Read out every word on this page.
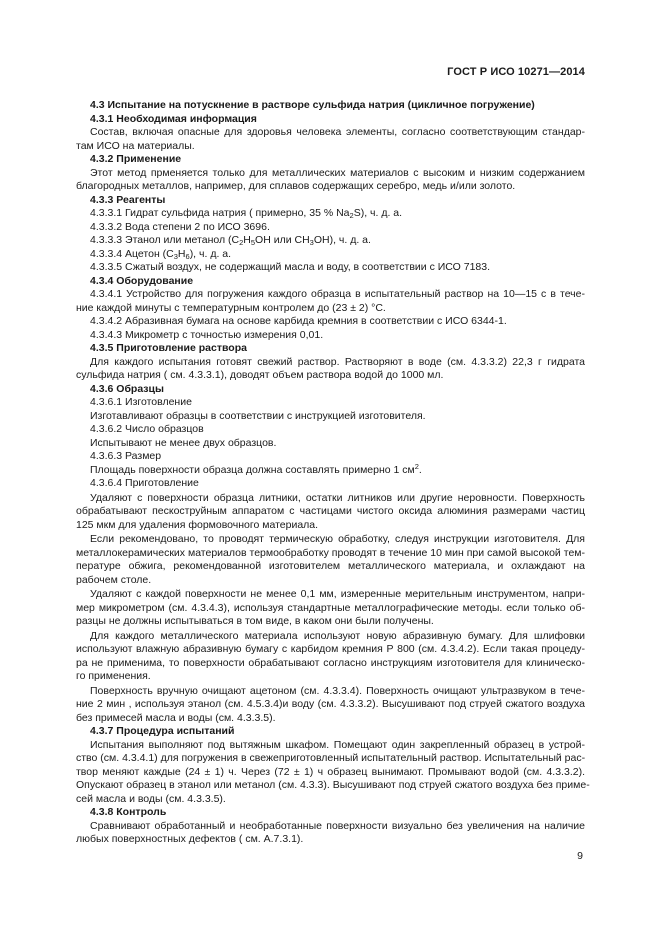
ГОСТ Р ИСО 10271—2014
4.3 Испытание на потускнение в растворе сульфида натрия (цикличное погружение)
4.3.1 Необходимая информация
Состав, включая опасные для здоровья человека элементы, согласно соответствующим стандар-
там ИСО на материалы.
4.3.2 Применение
Этот метод прменяется только для металлических материалов с высоким и низким содержанием
благородных металлов, например, для сплавов содержащих серебро, медь и/или золото.
4.3.3 Реагенты
4.3.3.1 Гидрат сульфида натрия ( примерно, 35 % $Na_2S$), ч. д. а.
4.3.3.2 Вода степени 2 по ИСО 3696.
4.3.3.3 Этанол или метанол ($C_2H_5OH$ или $CH_3OH$), ч. д. а.
4.3.3.4 Ацетон $(C_3H_6)$, ч. д. а.
4.3.3.5 Сжатый воздух, не содержащий масла и воду, в соответствии с ИСО 7183.
4.3.4 Оборудование
4.3.4.1 Устройство для погружения каждого образца в испытательный раствор на 10—15 с в тече-
ние каждой минуты с температурным контролем до (23 ± 2) °С.
4.3.4.2 Абразивная бумага на основе карбида кремния в соответствии с ИСО 6344-1.
4.3.4.3 Микрометр с точностью измерения 0,01.
4.3.5 Приготовление раствора
Для каждого испытания готовят свежий раствор. Растворяют в воде (см. 4.3.3.2) 22,3 г гидрата
сульфида натрия ( см. 4.3.3.1), доводят объем раствора водой до 1000 мл.
4.3.6 Образцы
4.3.6.1 Изготовление
Изготавливают образцы в соответствии с инструкцией изготовителя.
4.3.6.2 Число образцов
Испытывают не менее двух образцов.
4.3.6.3 Размер
Площадь поверхности образца должна составлять примерно 1 $см^2$.
4.3.6.4 Приготовление
Удаляют с поверхности образца литники, остатки литников или другие неровности. Поверхность
обрабатывают пескоструйным аппаратом с частицами чистого оксида алюминия размерами частиц
125 мкм для удаления формовочного материала.
Если рекомендовано, то проводят термическую обработку, следуя инструкции изготовителя. Для
металлокерамических материалов термообработку проводят в течение 10 мин при самой высокой тем-
пературе обжига, рекомендованной изготовителем металлического материала, и охлаждают на
рабочем столе.
Удаляют с каждой поверхности не менее 0,1 мм, измеренные мерительным инструментом, напри-
мер микрометром (см. 4.3.4.3), используя стандартные металлографические методы. если только об-
разцы не должны испытываться в том виде, в каком они были получены.
Для каждого металлического материала используют новую абразивную бумагу. Для шлифовки
используют влажную абразивную бумагу с карбидом кремния Р 800 (см. 4.3.4.2). Если такая процеду-
ра не применима, то поверхности обрабатывают согласно инструкциям изготовителя для клиническо-
го применения.
Поверхность вручную очищают ацетоном (см. 4.3.3.4). Поверхность очищают ультразвуком в тече-
ние 2 мин , используя этанол (см. 4.5.3.4)и воду (см. 4.3.3.2). Высушивают под струей сжатого воздуха
без примесей масла и воды (см. 4.3.3.5).
4.3.7 Процедура испытаний
Испытания выполняют под вытяжным шкафом. Помещают один закрепленный образец в устрой-
ство (см. 4.3.4.1) для погружения в свежеприготовленный испытательный раствор. Испытательный рас-
твор меняют каждые (24 ± 1) ч. Через (72 ± 1) ч образец вынимают. Промывают водой (см. 4.3.3.2).
Опускают образец в этанол или метанол (см. 4.3.3). Высушивают под струей сжатого воздуха без приме-
сей масла и воды (см. 4.3.3.5).
4.3.8 Контроль
Сравнивают обработанный и необработанные поверхности визуально без увеличения на наличие
любых поверхностных дефектов ( см. А.7.3.1).
9
